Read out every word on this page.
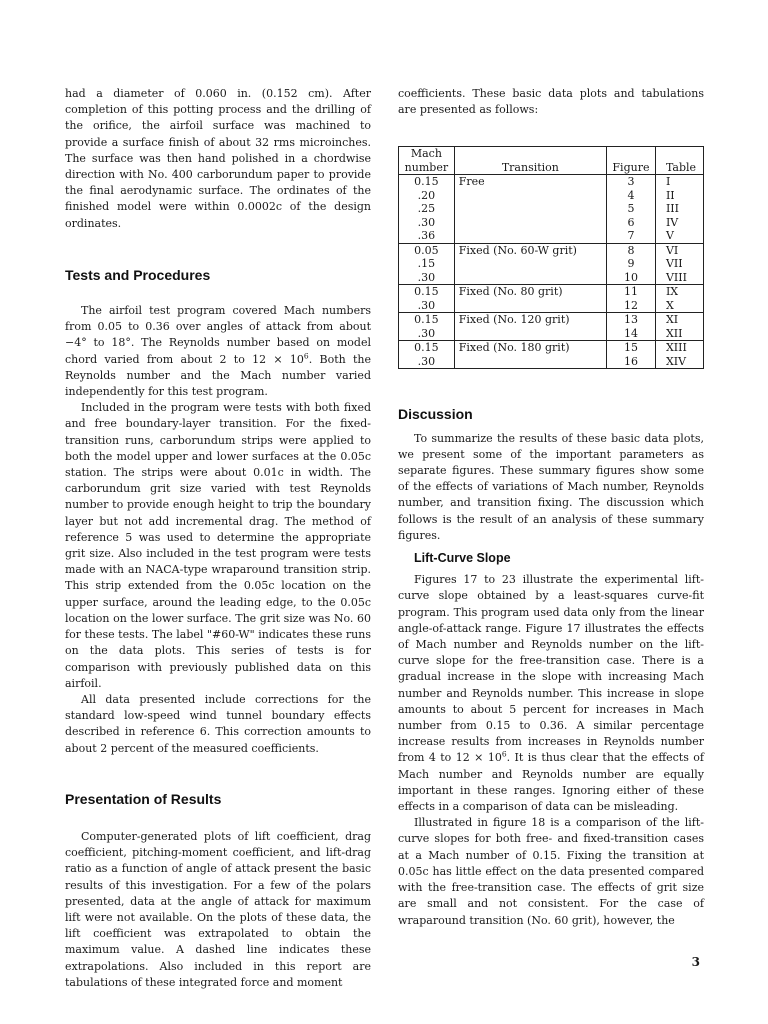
had a diameter of 0.060 in. (0.152 cm). After completion of this potting process and the drilling of the orifice, the airfoil surface was machined to provide a surface finish of about 32 rms microinches. The surface was then hand polished in a chordwise direction with No. 400 carborundum paper to provide the final aerodynamic surface. The ordinates of the finished model were within 0.0002c of the design ordinates.

Tests and Procedures

The airfoil test program covered Mach numbers from 0.05 to 0.36 over angles of attack from about −4° to 18°. The Reynolds number based on model chord varied from about 2 to $12 \times 10^6$. Both the Reynolds number and the Mach number varied independently for this test program.

Included in the program were tests with both fixed and free boundary-layer transition. For the fixed-transition runs, carborundum strips were applied to both the model upper and lower surfaces at the 0.05c station. The strips were about 0.01c in width. The carborundum grit size varied with test Reynolds number to provide enough height to trip the boundary layer but not add incremental drag. The method of reference 5 was used to determine the appropriate grit size. Also included in the test program were tests made with an NACA-type wraparound transition strip. This strip extended from the 0.05c location on the upper surface, around the leading edge, to the 0.05c location on the lower surface. The grit size was No. 60 for these tests. The label "#60-W" indicates these runs on the data plots. This series of tests is for comparison with previously published data on this airfoil.

All data presented include corrections for the standard low-speed wind tunnel boundary effects described in reference 6. This correction amounts to about 2 percent of the measured coefficients.

Presentation of Results

Computer-generated plots of lift coefficient, drag coefficient, pitching-moment coefficient, and lift-drag ratio as a function of angle of attack present the basic results of this investigation. For a few of the polars presented, data at the angle of attack for maximum lift were not available. On the plots of these data, the lift coefficient was extrapolated to obtain the maximum value. A dashed line indicates these extrapolations. Also included in this report are tabulations of these integrated force and moment

coefficients. These basic data plots and tabulations are presented as follows:

Mach number	Transition	Figure	Table
0.15	Free	3	I
.20		4	II
.25		5	III
.30		6	IV
.36		7	V
0.05	Fixed (No. 60-W grit)	8	VI
.15		9	VII
.30		10	VIII
0.15	Fixed (No. 80 grit)	11	IX
.30		12	X
0.15	Fixed (No. 120 grit)	13	XI
.30		14	XII
0.15	Fixed (No. 180 grit)	15	XIII
.30		16	XIV
Discussion

To summarize the results of these basic data plots, we present some of the important parameters as separate figures. These summary figures show some of the effects of variations of Mach number, Reynolds number, and transition fixing. The discussion which follows is the result of an analysis of these summary figures.

Lift-Curve Slope

Figures 17 to 23 illustrate the experimental lift-curve slope obtained by a least-squares curve-fit program. This program used data only from the linear angle-of-attack range. Figure 17 illustrates the effects of Mach number and Reynolds number on the lift-curve slope for the free-transition case. There is a gradual increase in the slope with increasing Mach number and Reynolds number. This increase in slope amounts to about 5 percent for increases in Mach number from 0.15 to 0.36. A similar percentage increase results from increases in Reynolds number from 4 to $12 \times 10^6$. It is thus clear that the effects of Mach number and Reynolds number are equally important in these ranges. Ignoring either of these effects in a comparison of data can be misleading.

Illustrated in figure 18 is a comparison of the lift-curve slopes for both free- and fixed-transition cases at a Mach number of 0.15. Fixing the transition at 0.05c has little effect on the data presented compared with the free-transition case. The effects of grit size are small and not consistent. For the case of wraparound transition (No. 60 grit), however, the

3
